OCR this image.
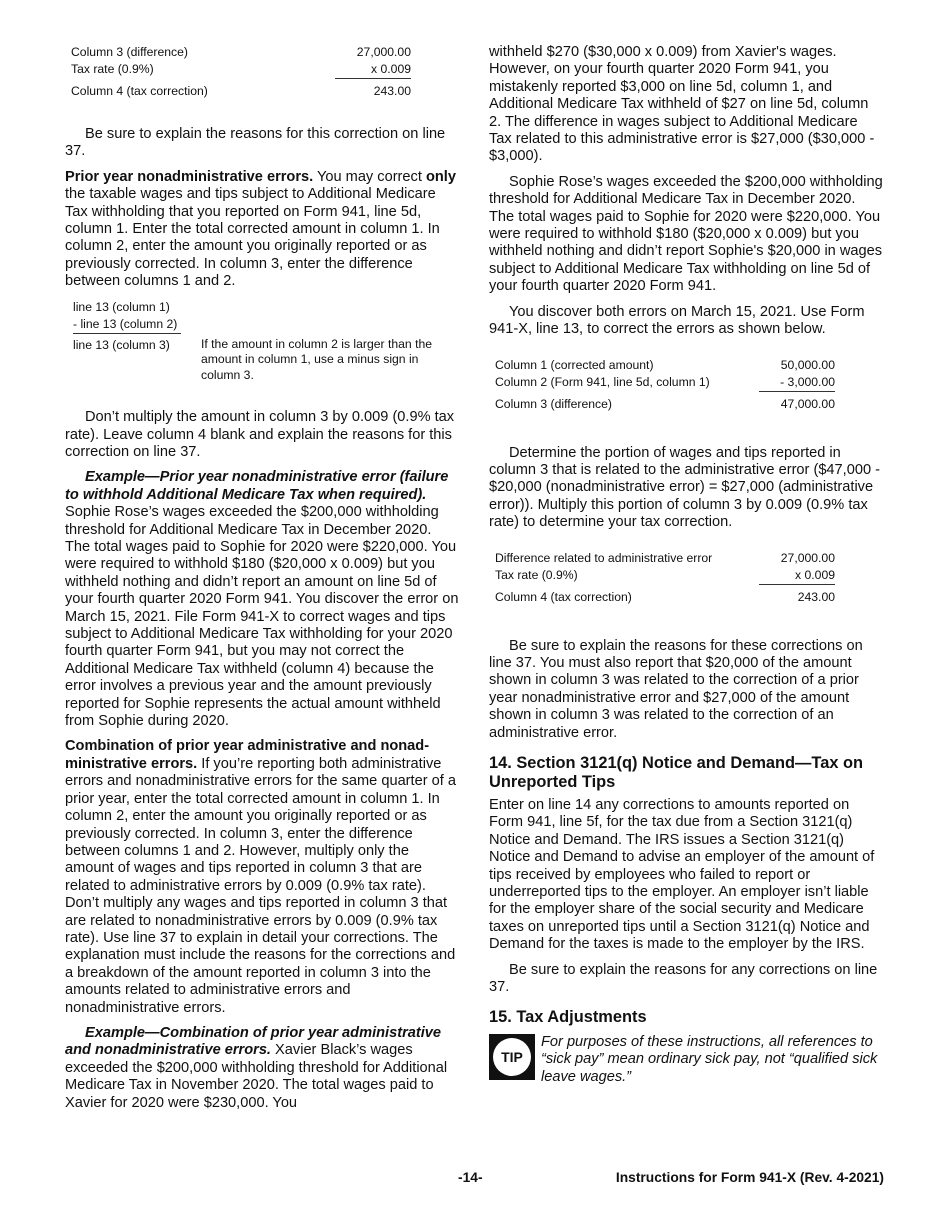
Column 3 (difference)	27,000.00
Tax rate (0.9%)	x 0.009
Column 4 (tax correction)	243.00

Be sure to explain the reasons for this correction on line 37.

Prior year nonadministrative errors. You may correct only the taxable wages and tips subject to Additional Medicare Tax withholding that you reported on Form 941, line 5d, column 1. Enter the total corrected amount in column 1. In column 2, enter the amount you originally reported or as previously corrected. In column 3, enter the difference between columns 1 and 2.

line 13 (column 1)
- line 13 (column 2)
line 13 (column 3)	If the amount in column 2 is larger than the amount in column 1, use a minus sign in column 3.

Don’t multiply the amount in column 3 by 0.009 (0.9% tax rate). Leave column 4 blank and explain the reasons for this correction on line 37.

Example—Prior year nonadministrative error (failure to withhold Additional Medicare Tax when required). Sophie Rose’s wages exceeded the $200,000 withholding threshold for Additional Medicare Tax in December 2020. The total wages paid to Sophie for 2020 were $220,000. You were required to withhold $180 ($20,000 x 0.009) but you withheld nothing and didn’t report an amount on line 5d of your fourth quarter 2020 Form 941. You discover the error on March 15, 2021. File Form 941-X to correct wages and tips subject to Additional Medicare Tax withholding for your 2020 fourth quarter Form 941, but you may not correct the Additional Medicare Tax withheld (column 4) because the error involves a previous year and the amount previously reported for Sophie represents the actual amount withheld from Sophie during 2020.

Combination of prior year administrative and nonad- ministrative errors. If you’re reporting both administrative errors and nonadministrative errors for the same quarter of a prior year, enter the total corrected amount in column 1. In column 2, enter the amount you originally reported or as previously corrected. In column 3, enter the difference between columns 1 and 2. However, multiply only the amount of wages and tips reported in column 3 that are related to administrative errors by 0.009 (0.9% tax rate). Don’t multiply any wages and tips reported in column 3 that are related to nonadministrative errors by 0.009 (0.9% tax rate). Use line 37 to explain in detail your corrections. The explanation must include the reasons for the corrections and a breakdown of the amount reported in column 3 into the amounts related to administrative errors and nonadministrative errors.

Example—Combination of prior year administrative and nonadministrative errors. Xavier Black’s wages exceeded the $200,000 withholding threshold for Additional Medicare Tax in November 2020. The total wages paid to Xavier for 2020 were $230,000. You

withheld $270 ($30,000 x 0.009) from Xavier's wages. However, on your fourth quarter 2020 Form 941, you mistakenly reported $3,000 on line 5d, column 1, and Additional Medicare Tax withheld of $27 on line 5d, column 2. The difference in wages subject to Additional Medicare Tax related to this administrative error is $27,000 ($30,000 - $3,000).

Sophie Rose’s wages exceeded the $200,000 withholding threshold for Additional Medicare Tax in December 2020. The total wages paid to Sophie for 2020 were $220,000. You were required to withhold $180 ($20,000 x 0.009) but you withheld nothing and didn’t report Sophie's $20,000 in wages subject to Additional Medicare Tax withholding on line 5d of your fourth quarter 2020 Form 941.

You discover both errors on March 15, 2021. Use Form 941-X, line 13, to correct the errors as shown below.

Column 1 (corrected amount)	50,000.00
Column 2 (Form 941, line 5d, column 1)	- 3,000.00
Column 3 (difference)	47,000.00

Determine the portion of wages and tips reported in column 3 that is related to the administrative error ($47,000 - $20,000 (nonadministrative error) = $27,000 (administrative error)). Multiply this portion of column 3 by 0.009 (0.9% tax rate) to determine your tax correction.

Difference related to administrative error	27,000.00
Tax rate (0.9%)	x 0.009
Column 4 (tax correction)	243.00

Be sure to explain the reasons for these corrections on line 37. You must also report that $20,000 of the amount shown in column 3 was related to the correction of a prior year nonadministrative error and $27,000 of the amount shown in column 3 was related to the correction of an administrative error.

14. Section 3121(q) Notice and Demand—Tax on Unreported Tips

Enter on line 14 any corrections to amounts reported on Form 941, line 5f, for the tax due from a Section 3121(q) Notice and Demand. The IRS issues a Section 3121(q) Notice and Demand to advise an employer of the amount of tips received by employees who failed to report or underreported tips to the employer. An employer isn’t liable for the employer share of the social security and Medicare taxes on unreported tips until a Section 3121(q) Notice and Demand for the taxes is made to the employer by the IRS.

Be sure to explain the reasons for any corrections on line 37.

15. Tax Adjustments
TIP
For purposes of these instructions, all references to “sick pay” mean ordinary sick pay, not “qualified sick leave wages.”
-14-	Instructions for Form 941-X (Rev. 4-2021)
